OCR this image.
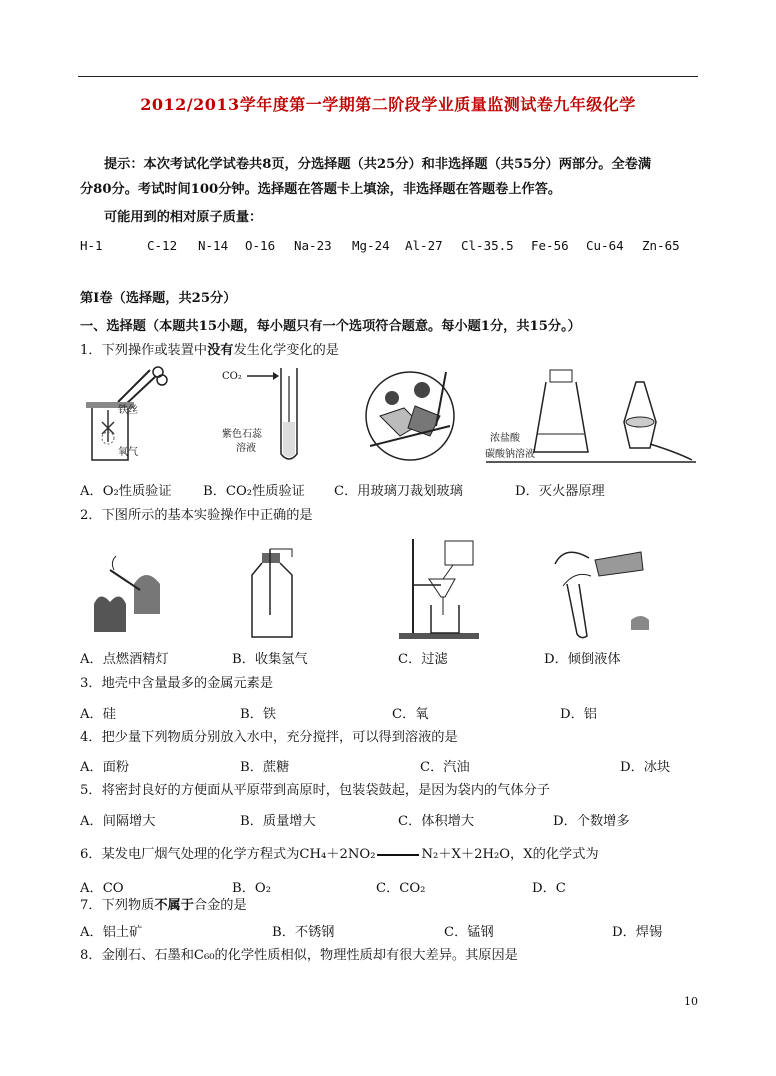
2012/2013学年度第一学期第二阶段学业质量监测试卷九年级化学
提示：本次考试化学试卷共8页，分选择题（共25分）和非选择题（共55分）两部分。全卷满
分80分。考试时间100分钟。选择题在答题卡上填涂，非选择题在答题卷上作答。
可能用到的相对原子质量：
H-1	C-12 N-14 O-16 Na-23 Mg-24 Al-27 Cl-35.5 Fe-56 Cu-64 Zn-65
第Ⅰ卷（选择题，共25分）
一、选择题（本题共15小题，每小题只有一个选项符合题意。每小题1分，共15分。）
1．下列操作或装置中没有发生化学变化的是
铁丝
氧气
CO₂
紫色石蕊
溶液
浓盐酸
碳酸钠溶液
A．O₂性质验证 B．CO₂性质验证 C．用玻璃刀裁划玻璃	D．灭火器原理
2．下图所示的基本实验操作中正确的是
A．点燃酒精灯	B．收集氢气	C．过滤	D．倾倒液体
3．地壳中含量最多的金属元素是
A．硅	B．铁	C．氧	D．铝
4．把少量下列物质分别放入水中，充分搅拌，可以得到溶液的是
A．面粉	B．蔗糖	C．汽油	D．冰块
5．将密封良好的方便面从平原带到高原时，包装袋鼓起，是因为袋内的气体分子
A．间隔增大	B．质量增大	C．体积增大	D．个数增多
6．某发电厂烟气处理的化学方程式为CH₄＋2NO₂	N₂＋X＋2H₂O，X的化学式为
A．CO	B．O₂	C．CO₂	D．C
7．下列物质不属于合金的是
A．铝土矿	B．不锈钢	C．锰钢	D．焊锡
8．金刚石、石墨和C₆₀的化学性质相似，物理性质却有很大差异。其原因是
10
